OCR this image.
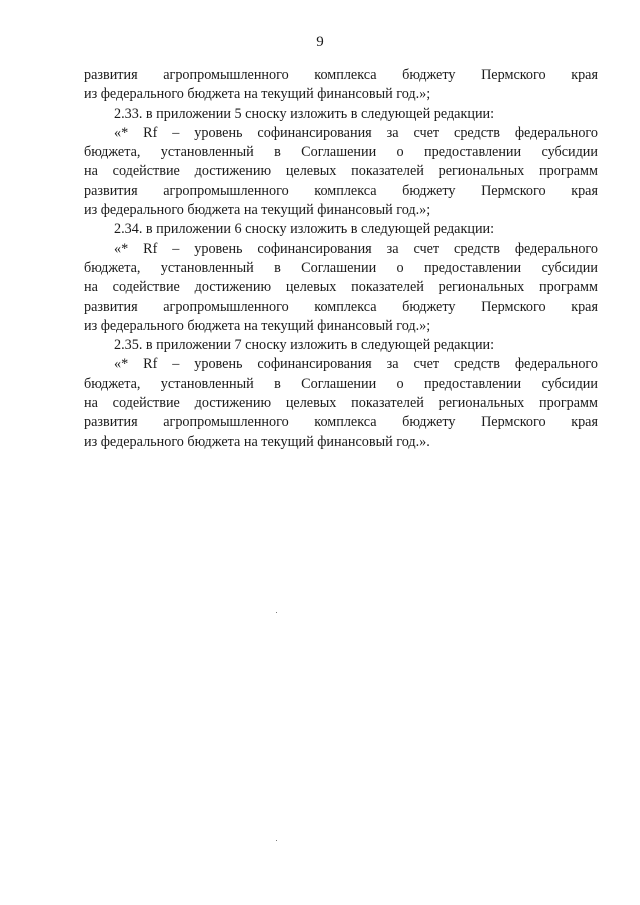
9
развития агропромышленного комплекса бюджету Пермского края
из федерального бюджета на текущий финансовый год.»;
2.33. в приложении 5 сноску изложить в следующей редакции:
«* Rf – уровень софинансирования за счет средств федерального
бюджета, установленный в Соглашении о предоставлении субсидии
на содействие достижению целевых показателей региональных программ
развития агропромышленного комплекса бюджету Пермского края
из федерального бюджета на текущий финансовый год.»;
2.34. в приложении 6 сноску изложить в следующей редакции:
«* Rf – уровень софинансирования за счет средств федерального
бюджета, установленный в Соглашении о предоставлении субсидии
на содействие достижению целевых показателей региональных программ
развития агропромышленного комплекса бюджету Пермского края
из федерального бюджета на текущий финансовый год.»;
2.35. в приложении 7 сноску изложить в следующей редакции:
«* Rf – уровень софинансирования за счет средств федерального
бюджета, установленный в Соглашении о предоставлении субсидии
на содействие достижению целевых показателей региональных программ
развития агропромышленного комплекса бюджету Пермского края
из федерального бюджета на текущий финансовый год.».
